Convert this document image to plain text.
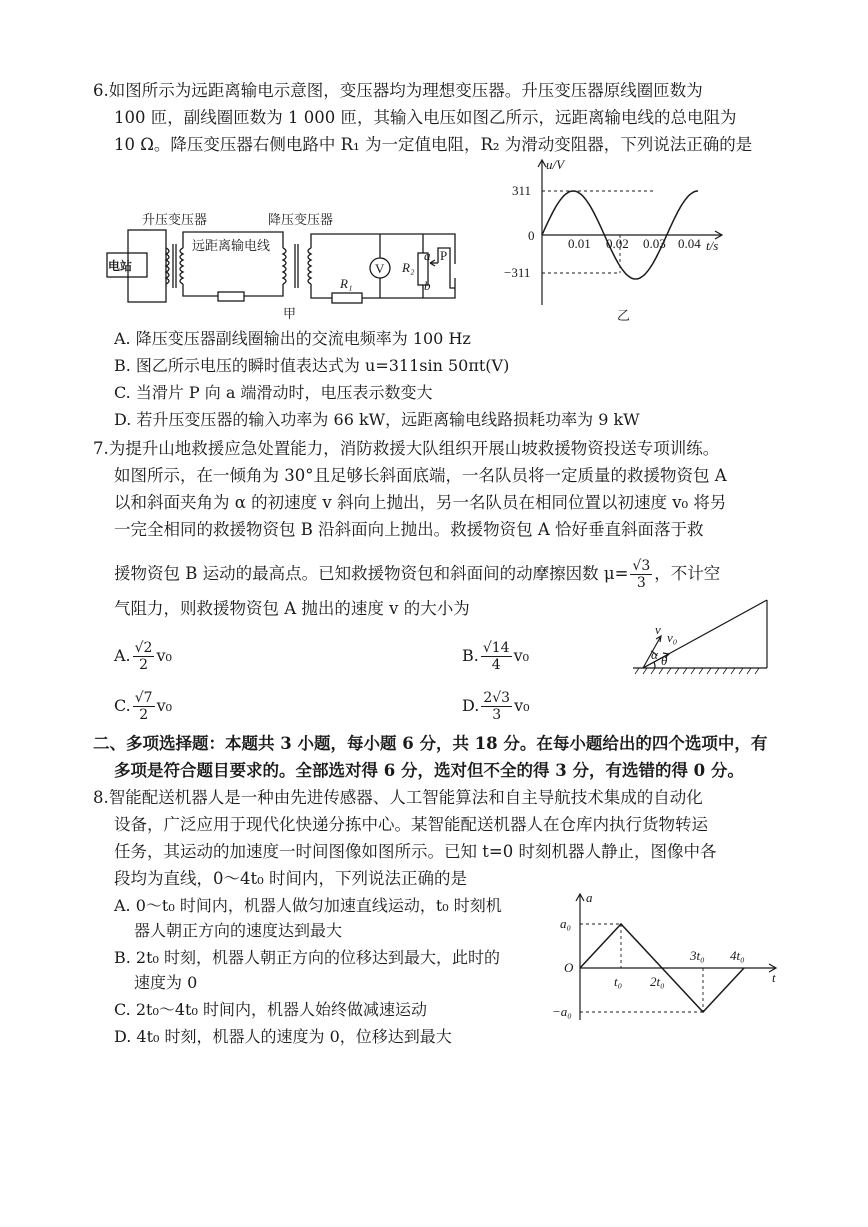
6.如图所示为远距离输电示意图，变压器均为理想变压器。升压变压器原线圈匝数为
100 匝，副线圈匝数为 1 000 匝，其输入电压如图乙所示，远距离输电线的总电阻为
10 Ω。降压变压器右侧电路中 R₁ 为一定值电阻，R₂ 为滑动变阻器，下列说法正确的是
电站
升压变压器	降压变压器
远距离输电线
R₁
R₂
V
a
b
P
甲
u/V
t/s
0
311
−311
0.01 0.02 0.03 0.04
乙
A. 降压变压器副线圈输出的交流电频率为 100 Hz
B. 图乙所示电压的瞬时值表达式为 u=311sin 50πt(V)
C. 当滑片 P 向 a 端滑动时，电压表示数变大
D. 若升压变压器的输入功率为 66 kW，远距离输电线路损耗功率为 9 kW
7.为提升山地救援应急处置能力，消防救援大队组织开展山坡救援物资投送专项训练。
如图所示，在一倾角为 30°且足够长斜面底端，一名队员将一定质量的救援物资包 A
以和斜面夹角为 α 的初速度 v 斜向上抛出，另一名队员在相同位置以初速度 v₀ 将另
一完全相同的救援物资包 B 沿斜面向上抛出。救援物资包 A 恰好垂直斜面落于救
援物资包 B 运动的最高点。已知救援物资包和斜面间的动摩擦因数 $\mu= \frac{√3}{3}$ ，不计空
气阻力，则救援物资包 A 抛出的速度 v 的大小为
A. $\frac{√2}{2} v_0$	B. $\frac{√14}{4} v_0$
C. $\frac{√7}{2} v_0$	D. $\frac{2√3}{3} v_0$
v
v₀
α θ
二、多项选择题：本题共 3 小题，每小题 6 分，共 18 分。在每小题给出的四个选项中，有
多项是符合题目要求的。全部选对得 6 分，选对但不全的得 3 分，有选错的得 0 分。
8.智能配送机器人是一种由先进传感器、人工智能算法和自主导航技术集成的自动化
设备，广泛应用于现代化快递分拣中心。某智能配送机器人在仓库内执行货物转运
任务，其运动的加速度一时间图像如图所示。已知 t=0 时刻机器人静止，图像中各
段均为直线，0～4t₀ 时间内，下列说法正确的是
A. 0～t₀ 时间内，机器人做匀加速直线运动，t₀ 时刻机
器人朝正方向的速度达到最大
B. 2t₀ 时刻，机器人朝正方向的位移达到最大，此时的
速度为 0
C. 2t₀～4t₀ 时间内，机器人始终做减速运动
D. 4t₀ 时刻，机器人的速度为 0，位移达到最大
a
t
O
a₀
−a₀
t₀ 2t₀
3t₀ 4t₀
